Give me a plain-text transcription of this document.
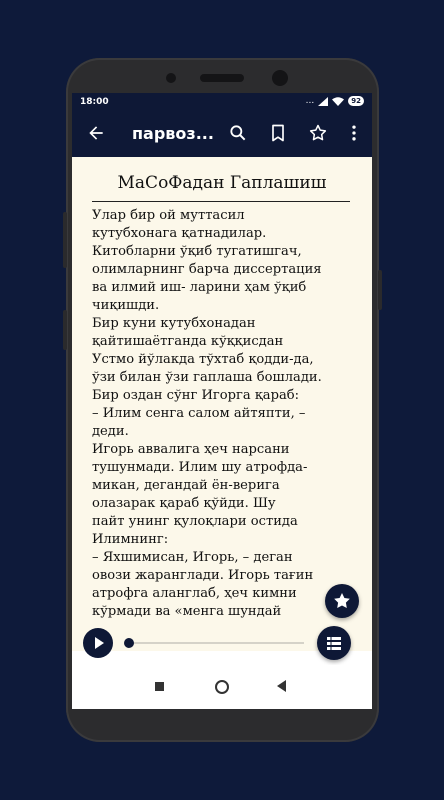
18:00	...	92
парвоз...
МаСоФадан Гаплашиш
Улар бир ой муттасил
кутубхонага қатнадилар.
Китобларни ўқиб тугатишгач,
олимларнинг барча диссертация
ва илмий иш- ларини ҳам ўқиб
чиқишди.
Бир куни кутубхонадан
қайтишаётганда кўққисдан
Устмо йўлакда тўхтаб қодди-да,
ўзи билан ўзи гаплаша бошлади.
Бир оздан сўнг Игорга қараб:
– Илим сенга салом айтяпти, –
деди.
Игорь аввалига ҳеч нарсани
тушунмади. Илим шу атрофда-
микан, дегандай ён-верига
олазарак қараб қўйди. Шу
пайт унинг қулоқлари остида
Илимнинг:
– Яхшимисан, Игорь, – деган
овози жаранглади. Игорь тағин
атрофга аланглаб, ҳеч кимни
кўрмади ва «менга шундай
